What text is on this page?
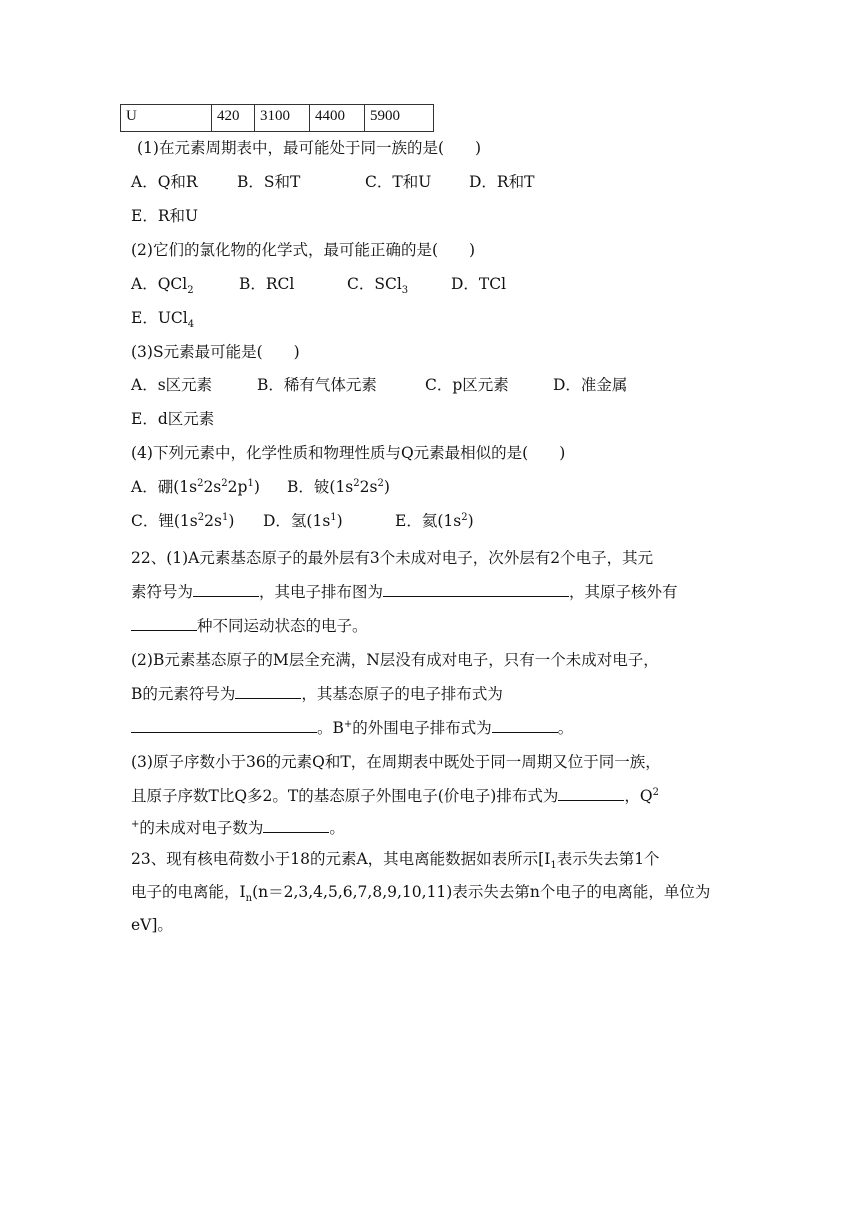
U	420	3100	4400	5900
(1)在元素周期表中，最可能处于同一族的是(　　)
A．Q和R	B．S和T	C．T和U D．R和T
E．R和U
(2)它们的氯化物的化学式，最可能正确的是(　　)
A．QCl$_2$	B．RCl	C．SCl$_3$	D．TCl
E．UCl$_4$
(3)S元素最可能是(　　)
A．s区元素	B．稀有气体元素	C．p区元素	D．准金属
E．d区元素
(4)下列元素中，化学性质和物理性质与Q元素最相似的是(　　)
A．硼$(1s^22s^22p^1)$ B．铍$(1s^22s^2)$
C．锂$(1s^22s^1)$ D．氢$(1s^1)$	E．氦$(1s^2)$
22、(1)A元素基态原子的最外层有3个未成对电子，次外层有2个电子，其元
素符号为	，其电子排布图为	，其原子核外有
种不同运动状态的电子。
(2)B元素基态原子的M层全充满，N层没有成对电子，只有一个未成对电子，
B的元素符号为	，其基态原子的电子排布式为
。B+的外围电子排布式为	。
(3)原子序数小于36的元素Q和T，在周期表中既处于同一周期又位于同一族，
且原子序数T比Q多2。T的基态原子外围电子(价电子)排布式为	，$Q^2$
+的未成对电子数为	。
23、现有核电荷数小于18的元素A，其电离能数据如表所示[$I_1$表示失去第1个
电子的电离能，$I_n(n=2,3,4,5,6,7,8,9,10,11)$表示失去第n个电子的电离能，单位为
eV]。
